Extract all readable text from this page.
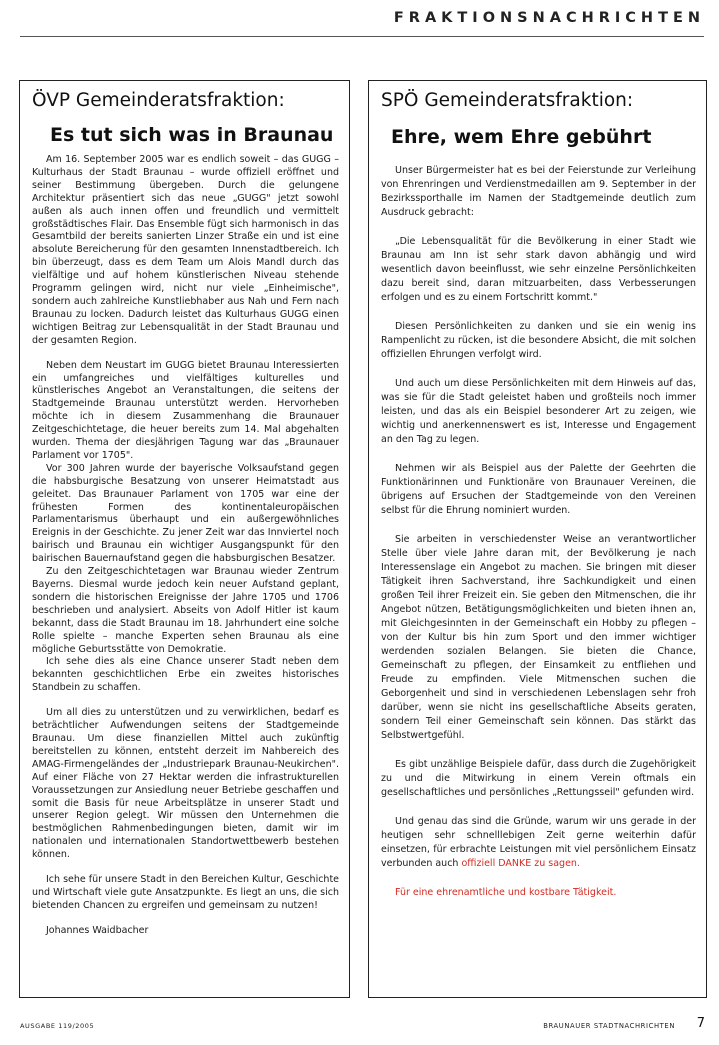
FRAKTIONSNACHRICHTEN
ÖVP Gemeinderatsfraktion:
Es tut sich was in Braunau

Am 16. September 2005 war es endlich soweit – das GUGG – Kulturhaus der Stadt Braunau – wurde offiziell eröffnet und seiner Bestimmung übergeben. Durch die gelungene Architektur präsentiert sich das neue „GUGG" jetzt sowohl außen als auch innen offen und freundlich und vermittelt großstädtisches Flair. Das Ensemble fügt sich harmonisch in das Gesamtbild der bereits sanierten Linzer Straße ein und ist eine absolute Bereicherung für den gesamten Innenstadtbereich. Ich bin überzeugt, dass es dem Team um Alois Mandl durch das vielfältige und auf hohem künstlerischen Niveau stehende Programm gelingen wird, nicht nur viele „Einheimische", sondern auch zahlreiche Kunstliebhaber aus Nah und Fern nach Braunau zu locken. Dadurch leistet das Kulturhaus GUGG einen wichtigen Beitrag zur Lebensqualität in der Stadt Braunau und der gesamten Region.

Neben dem Neustart im GUGG bietet Braunau Interessierten ein umfangreiches und vielfältiges kulturelles und künstlerisches Angebot an Veranstaltungen, die seitens der Stadtgemeinde Braunau unterstützt werden. Hervorheben möchte ich in diesem Zusammenhang die Braunauer Zeitgeschichtetage, die heuer bereits zum 14. Mal abgehalten wurden. Thema der diesjährigen Tagung war das „Braunauer Parlament vor 1705".

Vor 300 Jahren wurde der bayerische Volksaufstand gegen die habsburgische Besatzung von unserer Heimatstadt aus geleitet. Das Braunauer Parlament von 1705 war eine der frühesten Formen des kontinentaleuropäischen Parlamentarismus überhaupt und ein außergewöhnliches Ereignis in der Geschichte. Zu jener Zeit war das Innviertel noch bairisch und Braunau ein wichtiger Ausgangspunkt für den bairischen Bauernaufstand gegen die habsburgischen Besatzer.

Zu den Zeitgeschichtetagen war Braunau wieder Zentrum Bayerns. Diesmal wurde jedoch kein neuer Aufstand geplant, sondern die historischen Ereignisse der Jahre 1705 und 1706 beschrieben und analysiert. Abseits von Adolf Hitler ist kaum bekannt, dass die Stadt Braunau im 18. Jahrhundert eine solche Rolle spielte – manche Experten sehen Braunau als eine mögliche Geburtsstätte von Demokratie.

Ich sehe dies als eine Chance unserer Stadt neben dem bekannten geschichtlichen Erbe ein zweites historisches Standbein zu schaffen.

Um all dies zu unterstützen und zu verwirklichen, bedarf es beträchtlicher Aufwendungen seitens der Stadtgemeinde Braunau. Um diese finanziellen Mittel auch zukünftig bereitstellen zu können, entsteht derzeit im Nahbereich des AMAG-Firmengeländes der „Industriepark Braunau-Neukirchen". Auf einer Fläche von 27 Hektar werden die infrastrukturellen Voraussetzungen zur Ansiedlung neuer Betriebe geschaffen und somit die Basis für neue Arbeitsplätze in unserer Stadt und unserer Region gelegt. Wir müssen den Unternehmen die bestmöglichen Rahmenbedingungen bieten, damit wir im nationalen und internationalen Standortwettbewerb bestehen können.

Ich sehe für unsere Stadt in den Bereichen Kultur, Geschichte und Wirtschaft viele gute Ansatzpunkte. Es liegt an uns, die sich bietenden Chancen zu ergreifen und gemeinsam zu nutzen!

Johannes Waidbacher

SPÖ Gemeinderatsfraktion:
Ehre, wem Ehre gebührt

Unser Bürgermeister hat es bei der Feierstunde zur Verleihung von Ehrenringen und Verdienstmedaillen am 9. September in der Bezirkssporthalle im Namen der Stadtgemeinde deutlich zum Ausdruck gebracht:

„Die Lebensqualität für die Bevölkerung in einer Stadt wie Braunau am Inn ist sehr stark davon abhängig und wird wesentlich davon beeinflusst, wie sehr einzelne Persönlichkeiten dazu bereit sind, daran mitzuarbeiten, dass Verbesserungen erfolgen und es zu einem Fortschritt kommt."

Diesen Persönlichkeiten zu danken und sie ein wenig ins Rampenlicht zu rücken, ist die besondere Absicht, die mit solchen offiziellen Ehrungen verfolgt wird.

Und auch um diese Persönlichkeiten mit dem Hinweis auf das, was sie für die Stadt geleistet haben und großteils noch immer leisten, und das als ein Beispiel besonderer Art zu zeigen, wie wichtig und anerkennenswert es ist, Interesse und Engagement an den Tag zu legen.

Nehmen wir als Beispiel aus der Palette der Geehrten die Funktionärinnen und Funktionäre von Braunauer Vereinen, die übrigens auf Ersuchen der Stadtgemeinde von den Vereinen selbst für die Ehrung nominiert wurden.

Sie arbeiten in verschiedenster Weise an verantwortlicher Stelle über viele Jahre daran mit, der Bevölkerung je nach Interessenslage ein Angebot zu machen. Sie bringen mit dieser Tätigkeit ihren Sachverstand, ihre Sachkundigkeit und einen großen Teil ihrer Freizeit ein. Sie geben den Mitmenschen, die ihr Angebot nützen, Betätigungsmöglichkeiten und bieten ihnen an, mit Gleichgesinnten in der Gemeinschaft ein Hobby zu pflegen – von der Kultur bis hin zum Sport und den immer wichtiger werdenden sozialen Belangen. Sie bieten die Chance, Gemeinschaft zu pflegen, der Einsamkeit zu entfliehen und Freude zu empfinden. Viele Mitmenschen suchen die Geborgenheit und sind in verschiedenen Lebenslagen sehr froh darüber, wenn sie nicht ins gesellschaftliche Abseits geraten, sondern Teil einer Gemeinschaft sein können. Das stärkt das Selbstwertgefühl.

Es gibt unzählige Beispiele dafür, dass durch die Zugehörigkeit zu und die Mitwirkung in einem Verein oftmals ein gesellschaftliches und persönliches „Rettungsseil" gefunden wird.

Und genau das sind die Gründe, warum wir uns gerade in der heutigen sehr schnelllebigen Zeit gerne weiterhin dafür einsetzen, für erbrachte Leistungen mit viel persönlichem Einsatz verbunden auch offiziell DANKE zu sagen.

Für eine ehrenamtliche und kostbare Tätigkeit.

AUSGABE 119/2005	BRAUNAUER STADTNACHRICHTEN 7
